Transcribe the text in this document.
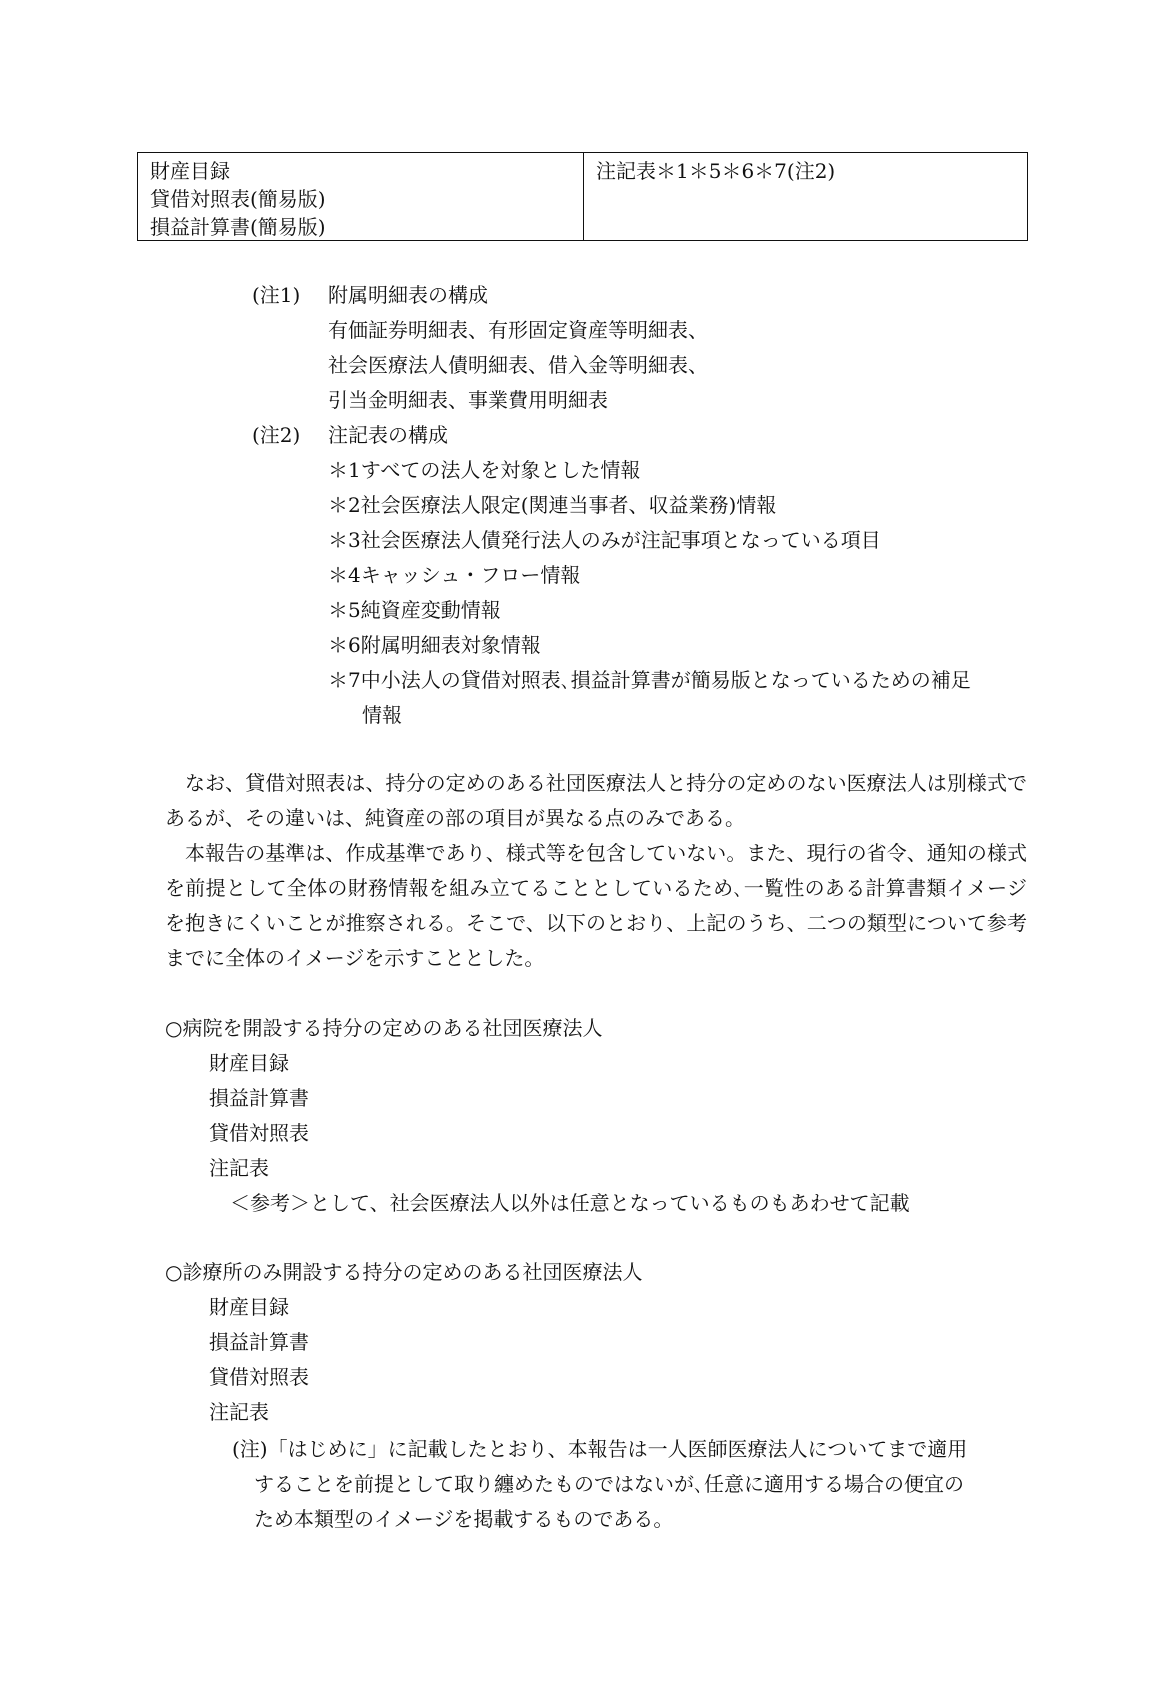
財産目録
貸借対照表(簡易版)
損益計算書(簡易版)
注記表＊1＊5＊6＊7(注2)
(注1) 附属明細表の構成
有価証券明細表、有形固定資産等明細表、
社会医療法人債明細表、借入金等明細表、
引当金明細表、事業費用明細表
(注2) 注記表の構成
＊1すべての法人を対象とした情報
＊2社会医療法人限定(関連当事者、収益業務)情報
＊3社会医療法人債発行法人のみが注記事項となっている項目
＊4キャッシュ・フロー情報
＊5純資産変動情報
＊6附属明細表対象情報
＊7中小法人の貸借対照表､損益計算書が簡易版となっているための補足
情報
　なお、貸借対照表は、持分の定めのある社団医療法人と持分の定めのない医療法人は別様式であるが、その違いは、純資産の部の項目が異なる点のみである。
　本報告の基準は、作成基準であり、様式等を包含していない。また、現行の省令、通知の様式を前提として全体の財務情報を組み立てることとしているため､一覧性のある計算書類イメージを抱きにくいことが推察される。そこで、以下のとおり、上記のうち、二つの類型について参考までに全体のイメージを示すこととした。
○病院を開設する持分の定めのある社団医療法人
財産目録
損益計算書
貸借対照表
注記表
＜参考＞として、社会医療法人以外は任意となっているものもあわせて記載
○診療所のみ開設する持分の定めのある社団医療法人
財産目録
損益計算書
貸借対照表
注記表
(注)「はじめに」に記載したとおり、本報告は一人医師医療法人についてまで適用
することを前提として取り纏めたものではないが､任意に適用する場合の便宜の
ため本類型のイメージを掲載するものである。
